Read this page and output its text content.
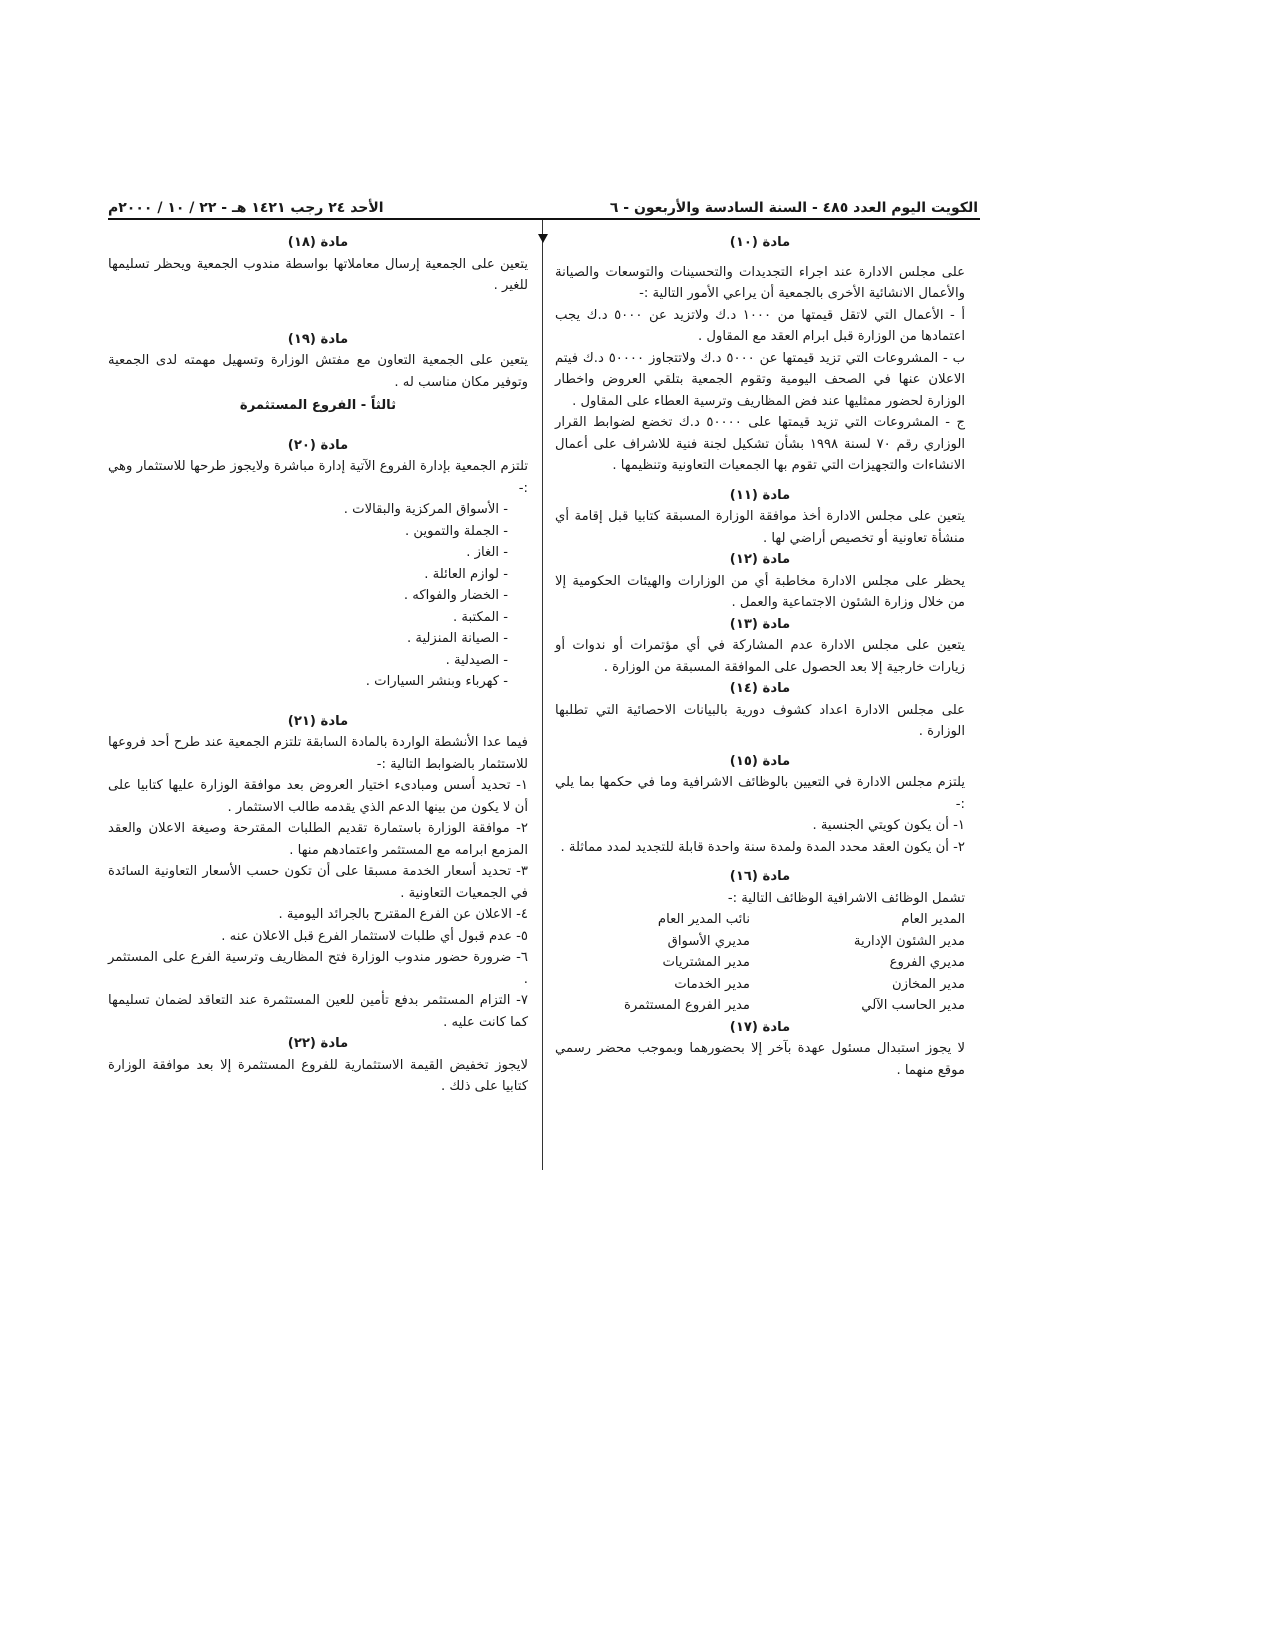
الكويت اليوم العدد ٤٨٥ - السنة السادسة والأربعون - ٦
الأحد ٢٤ رجب ١٤٢١ هـ - ٢٢ / ١٠ / ٢٠٠٠م

مادة (١٠)

على مجلس الادارة عند اجراء التجديدات والتحسينات والتوسعات والصيانة والأعمال الانشائية الأخرى بالجمعية أن يراعي الأمور التالية :-

أ - الأعمال التي لاتقل قيمتها من ١٠٠٠ د.ك ولاتزيد عن ٥٠٠٠ د.ك يجب اعتمادها من الوزارة قبل ابرام العقد مع المقاول .

ب - المشروعات التي تزيد قيمتها عن ٥٠٠٠ د.ك ولاتتجاوز ٥٠٠٠٠ د.ك فيتم الاعلان عنها في الصحف اليومية وتقوم الجمعية بتلقي العروض واخطار الوزارة لحضور ممثليها عند فض المظاريف وترسية العطاء على المقاول .

ج - المشروعات التي تزيد قيمتها على ٥٠٠٠٠ د.ك تخضع لضوابط القرار الوزاري رقم ٧٠ لسنة ١٩٩٨ بشأن تشكيل لجنة فنية للاشراف على أعمال الانشاءات والتجهيزات التي تقوم بها الجمعيات التعاونية وتنظيمها .

مادة (١١)

يتعين على مجلس الادارة أخذ موافقة الوزارة المسبقة كتابيا قبل إقامة أي منشأة تعاونية أو تخصيص أراضي لها .

مادة (١٢)

يحظر على مجلس الادارة مخاطبة أي من الوزارات والهيئات الحكومية إلا من خلال وزارة الشئون الاجتماعية والعمل .

مادة (١٣)

يتعين على مجلس الادارة عدم المشاركة في أي مؤتمرات أو ندوات أو زيارات خارجية إلا بعد الحصول على الموافقة المسبقة من الوزارة .

مادة (١٤)

على مجلس الادارة اعداد كشوف دورية بالبيانات الاحصائية التي تطلبها الوزارة .

مادة (١٥)

يلتزم مجلس الادارة في التعيين بالوظائف الاشرافية وما في حكمها بما يلي :-

١- أن يكون كويتي الجنسية .

٢- أن يكون العقد محدد المدة ولمدة سنة واحدة قابلة للتجديد لمدد مماثلة .

مادة (١٦)

تشمل الوظائف الاشرافية الوظائف التالية :-

المدير العام
نائب المدير العام
مدير الشئون الإدارية
مديري الأسواق
مديري الفروع
مدير المشتريات
مدير المخازن
مدير الخدمات
مدير الحاسب الآلي
مدير الفروع المستثمرة

مادة (١٧)

لا يجوز استبدال مسئول عهدة بآخر إلا بحضورهما وبموجب محضر رسمي موقع منهما .

مادة (١٨)

يتعين على الجمعية إرسال معاملاتها بواسطة مندوب الجمعية ويحظر تسليمها للغير .

مادة (١٩)

يتعين على الجمعية التعاون مع مفتش الوزارة وتسهيل مهمته لدى الجمعية وتوفير مكان مناسب له .

ثالثاً - الفروع المستثمرة

مادة (٢٠)

تلتزم الجمعية بإدارة الفروع الآتية إدارة مباشرة ولايجوز طرحها للاستثمار وهي :-

- الأسواق المركزية والبقالات .

- الجملة والتموين .

- الغاز .

- لوازم العائلة .

- الخضار والفواكه .

- المكتبة .

- الصيانة المنزلية .

- الصيدلية .

- كهرباء وبنشر السيارات .

مادة (٢١)

فيما عدا الأنشطة الواردة بالمادة السابقة تلتزم الجمعية عند طرح أحد فروعها للاستثمار بالضوابط التالية :-

١- تحديد أسس ومبادىء اختيار العروض بعد موافقة الوزارة عليها كتابيا على أن لا يكون من بينها الدعم الذي يقدمه طالب الاستثمار .

٢- موافقة الوزارة باستمارة تقديم الطلبات المقترحة وصيغة الاعلان والعقد المزمع ابرامه مع المستثمر واعتمادهم منها .

٣- تحديد أسعار الخدمة مسبقا على أن تكون حسب الأسعار التعاونية السائدة في الجمعيات التعاونية .

٤- الاعلان عن الفرع المقترح بالجرائد اليومية .

٥- عدم قبول أي طلبات لاستثمار الفرع قبل الاعلان عنه .

٦- ضرورة حضور مندوب الوزارة فتح المظاريف وترسية الفرع على المستثمر .

٧- التزام المستثمر بدفع تأمين للعين المستثمرة عند التعاقد لضمان تسليمها كما كانت عليه .

مادة (٢٢)

لايجوز تخفيض القيمة الاستثمارية للفروع المستثمرة إلا بعد موافقة الوزارة كتابيا على ذلك .
